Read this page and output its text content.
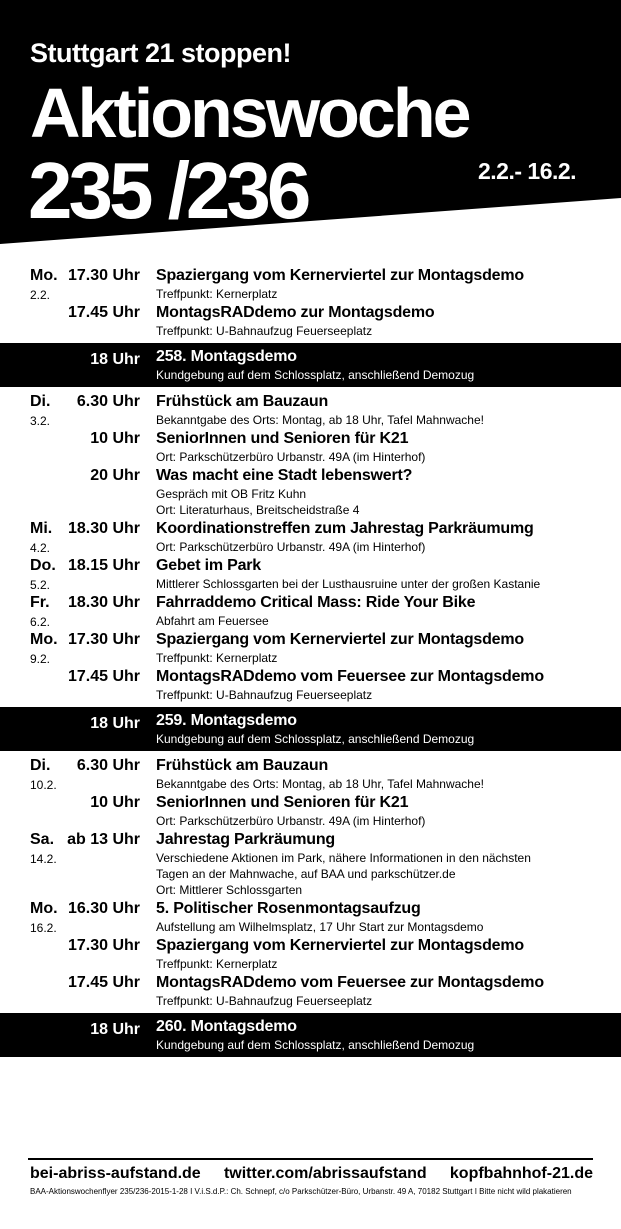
Stuttgart 21 stoppen!
Aktionswoche
235 /236	2.2.- 16.2.
Mo.
2.2.
17.30 Uhr Spaziergang vom Kernerviertel zur Montagsdemo
Treffpunkt: Kernerplatz
17.45 Uhr MontagsRADdemo zur Montagsdemo
Treffpunkt: U-Bahnaufzug Feuerseeplatz
18 Uhr 258. Montagsdemo
Kundgebung auf dem Schlossplatz, anschließend Demozug
Di.
3.2.
6.30 Uhr Frühstück am Bauzaun
Bekanntgabe des Orts: Montag, ab 18 Uhr, Tafel Mahnwache!
10 Uhr SeniorInnen und Senioren für K21
Ort: Parkschützerbüro Urbanstr. 49A (im Hinterhof)
20 Uhr Was macht eine Stadt lebenswert?
Gespräch mit OB Fritz Kuhn
Ort: Literaturhaus, Breitscheidstraße 4
Mi.
4.2.
18.30 Uhr Koordinationstreffen zum Jahrestag Parkräumumg
Ort: Parkschützerbüro Urbanstr. 49A (im Hinterhof)
Do.
5.2.
18.15 Uhr Gebet im Park
Mittlerer Schlossgarten bei der Lusthausruine unter der großen Kastanie
Fr.
6.2.
18.30 Uhr Fahrraddemo Critical Mass: Ride Your Bike
Abfahrt am Feuersee
Mo.
9.2.
17.30 Uhr Spaziergang vom Kernerviertel zur Montagsdemo
Treffpunkt: Kernerplatz
17.45 Uhr MontagsRADdemo vom Feuersee zur Montagsdemo
Treffpunkt: U-Bahnaufzug Feuerseeplatz
18 Uhr 259. Montagsdemo
Kundgebung auf dem Schlossplatz, anschließend Demozug
Di.
10.2.
6.30 Uhr Frühstück am Bauzaun
Bekanntgabe des Orts: Montag, ab 18 Uhr, Tafel Mahnwache!
10 Uhr SeniorInnen und Senioren für K21
Ort: Parkschützerbüro Urbanstr. 49A (im Hinterhof)
Sa.
14.2.
ab 13 Uhr Jahrestag Parkräumung
Verschiedene Aktionen im Park, nähere Informationen in den nächsten
Tagen an der Mahnwache, auf BAA und parkschützer.de
Ort: Mittlerer Schlossgarten
Mo.
16.2.
16.30 Uhr 5. Politischer Rosenmontagsaufzug
Aufstellung am Wilhelmsplatz, 17 Uhr Start zur Montagsdemo
17.30 Uhr Spaziergang vom Kernerviertel zur Montagsdemo
Treffpunkt: Kernerplatz
17.45 Uhr MontagsRADdemo vom Feuersee zur Montagsdemo
Treffpunkt: U-Bahnaufzug Feuerseeplatz
18 Uhr 260. Montagsdemo
Kundgebung auf dem Schlossplatz, anschließend Demozug
bei-abriss-aufstand.de twitter.com/abrissaufstand kopfbahnhof-21.de
BAA-Aktionswochenflyer 235/236-2015-1-28 I V.i.S.d.P.: Ch. Schnepf, c/o Parkschützer-Büro, Urbanstr. 49 A, 70182 Stuttgart I Bitte nicht wild plakatieren
